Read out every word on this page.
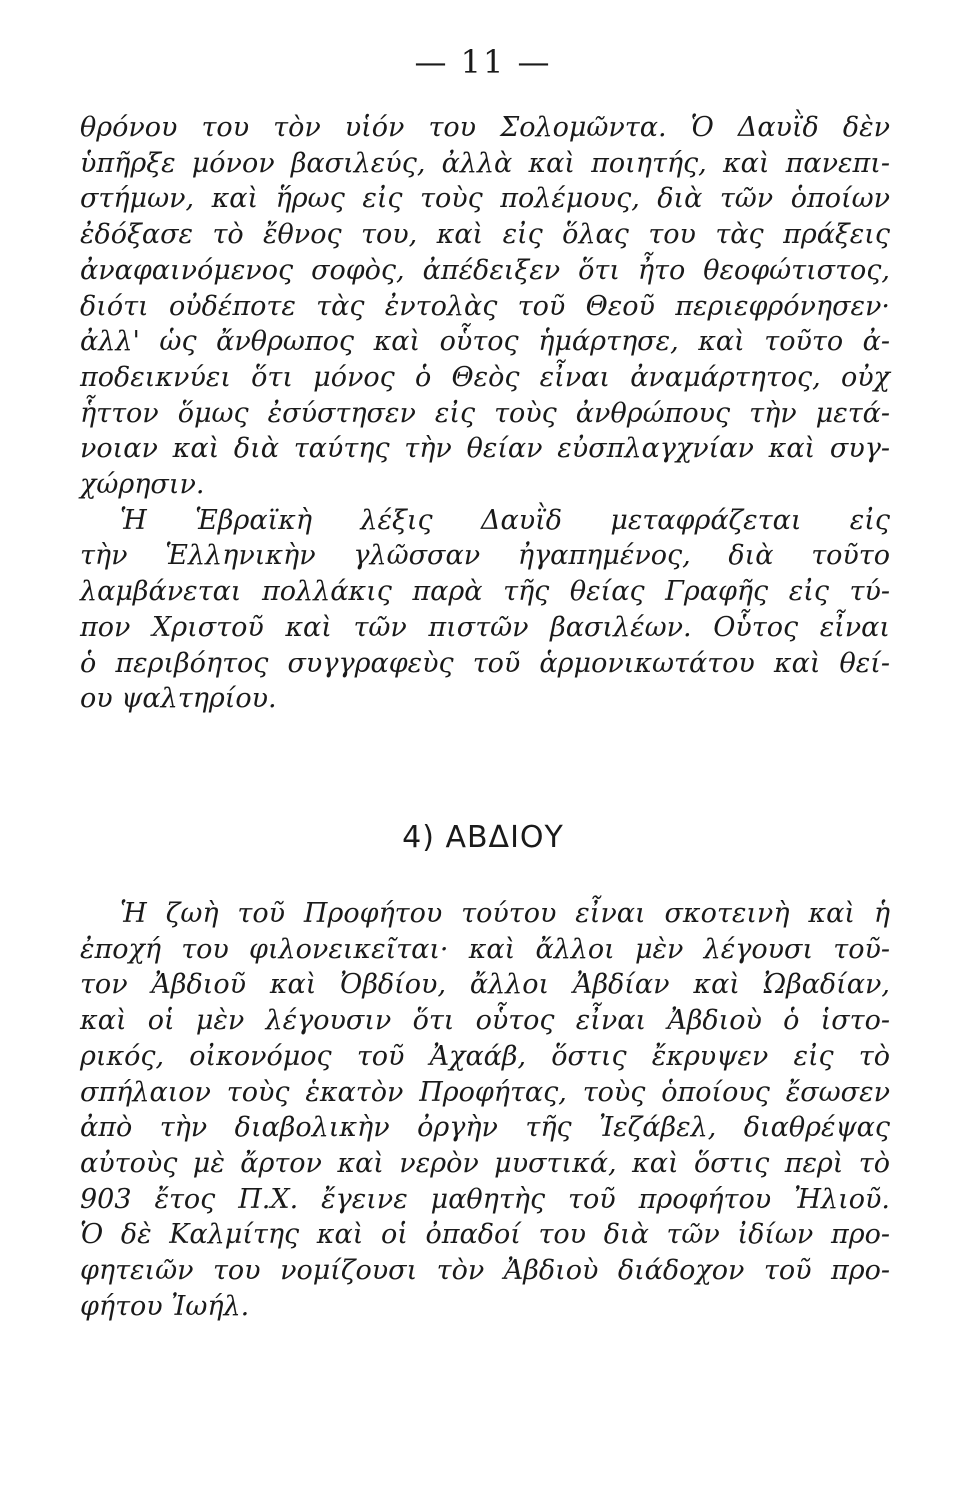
— 11 —
θρόνου του τὸν υἱόν του Σολομῶντα. Ὁ Δαυῒδ δὲν
ὑπῆρξε μόνον βασιλεύς, ἀλλὰ καὶ ποιητής, καὶ πανεπι-
στήμων, καὶ ἥρως εἰς τοὺς πολέμους, διὰ τῶν ὁποίων
ἐδόξασε τὸ ἔθνος του, καὶ εἰς ὅλας του τὰς πράξεις
ἀναφαινόμενος σοφὸς, ἀπέδειξεν ὅτι ἦτο θεοφώτιστος,
διότι οὐδέποτε τὰς ἐντολὰς τοῦ Θεοῦ περιεφρόνησεν·
ἀλλ' ὡς ἄνθρωπος καὶ οὗτος ἡμάρτησε, καὶ τοῦτο ἀ-
ποδεικνύει ὅτι μόνος ὁ Θεὸς εἶναι ἀναμάρτητος, οὐχ
ἧττον ὅμως ἐσύστησεν εἰς τοὺς ἀνθρώπους τὴν μετά-
νοιαν καὶ διὰ ταύτης τὴν θείαν εὐσπλαγχνίαν καὶ συγ-
χώρησιν.
Ἡ Ἑβραϊκὴ λέξις Δαυῒδ μεταφράζεται εἰς
τὴν Ἑλληνικὴν γλῶσσαν ἠγαπημένος, διὰ τοῦτο
λαμβάνεται πολλάκις παρὰ τῆς θείας Γραφῆς εἰς τύ-
πον Χριστοῦ καὶ τῶν πιστῶν βασιλέων. Οὗτος εἶναι
ὁ περιβόητος συγγραφεὺς τοῦ ἁρμονικωτάτου καὶ θεί-
ου ψαλτηρίου.
4) ΑΒΔΙΟΥ
Ἡ ζωὴ τοῦ Προφήτου τούτου εἶναι σκοτεινὴ καὶ ἡ
ἐποχή του φιλονεικεῖται· καὶ ἄλλοι μὲν λέγουσι τοῦ-
τον Ἀβδιοῦ καὶ Ὀβδίου, ἄλλοι Ἀβδίαν καὶ Ὠβαδίαν,
καὶ οἱ μὲν λέγουσιν ὅτι οὗτος εἶναι Ἀβδιοὺ ὁ ἱστο-
ρικός, οἰκονόμος τοῦ Ἀχαάβ, ὅστις ἔκρυψεν εἰς τὸ
σπήλαιον τοὺς ἑκατὸν Προφήτας, τοὺς ὁποίους ἔσωσεν
ἀπὸ τὴν διαβολικὴν ὀργὴν τῆς Ἰεζάβελ, διαθρέψας
αὐτοὺς μὲ ἄρτον καὶ νερὸν μυστικά, καὶ ὅστις περὶ τὸ
903 ἔτος Π.Χ. ἔγεινε μαθητὴς τοῦ προφήτου Ἠλιοῦ.
Ὁ δὲ Καλμίτης καὶ οἱ ὀπαδοί του διὰ τῶν ἰδίων προ-
φητειῶν του νομίζουσι τὸν Ἀβδιοὺ διάδοχον τοῦ προ-
φήτου Ἰωήλ.
